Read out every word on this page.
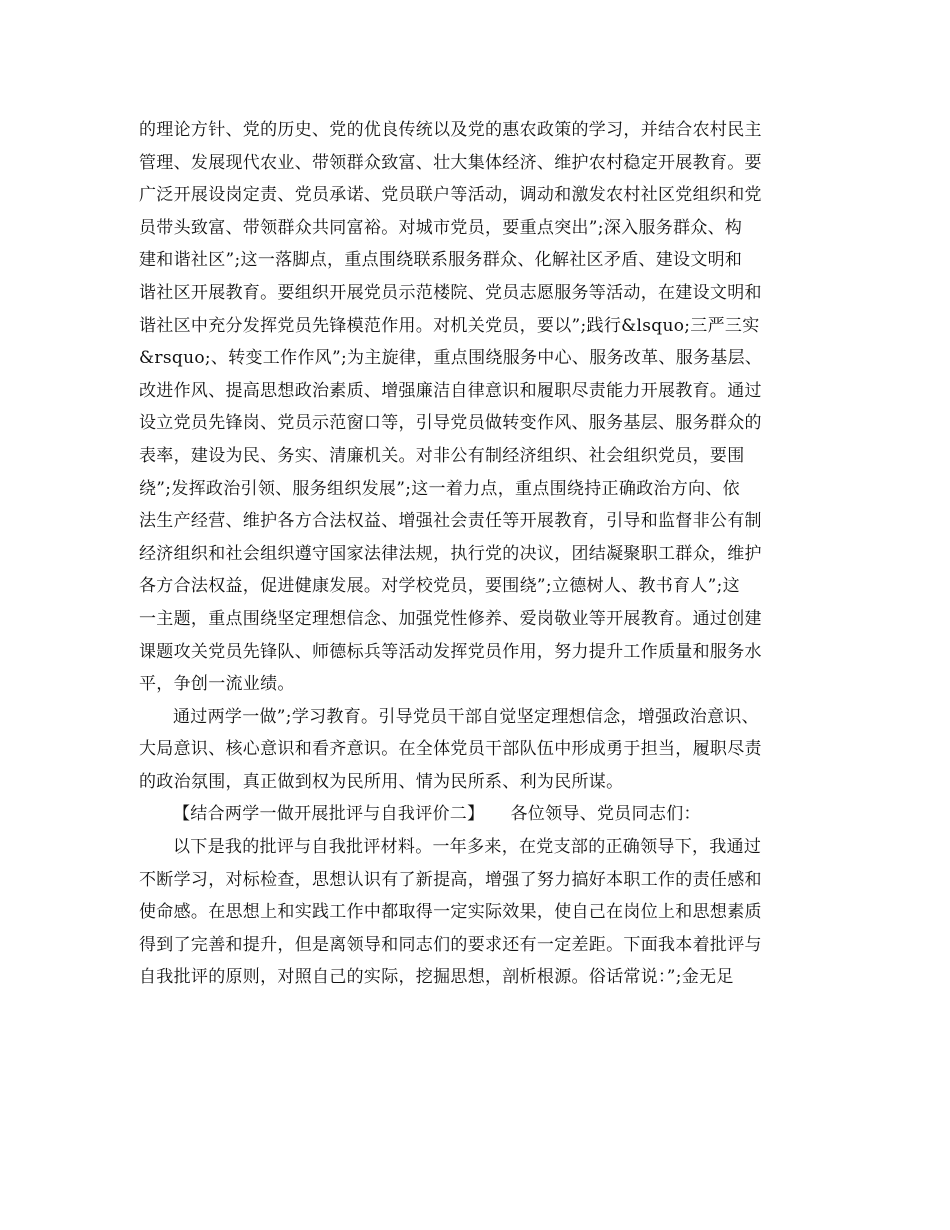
的理论方针、党的历史、党的优良传统以及党的惠农政策的学习，并结合农村民主
管理、发展现代农业、带领群众致富、壮大集体经济、维护农村稳定开展教育。要
广泛开展设岗定责、党员承诺、党员联户等活动，调动和激发农村社区党组织和党
员带头致富、带领群众共同富裕。对城市党员，要重点突出”;深入服务群众、构
建和谐社区”;这一落脚点，重点围绕联系服务群众、化解社区矛盾、建设文明和
谐社区开展教育。要组织开展党员示范楼院、党员志愿服务等活动，在建设文明和
谐社区中充分发挥党员先锋模范作用。对机关党员，要以”;践行&lsquo;三严三实
&rsquo;、转变工作作风”;为主旋律，重点围绕服务中心、服务改革、服务基层、
改进作风、提高思想政治素质、增强廉洁自律意识和履职尽责能力开展教育。通过
设立党员先锋岗、党员示范窗口等，引导党员做转变作风、服务基层、服务群众的
表率，建设为民、务实、清廉机关。对非公有制经济组织、社会组织党员，要围
绕”;发挥政治引领、服务组织发展”;这一着力点，重点围绕持正确政治方向、依
法生产经营、维护各方合法权益、增强社会责任等开展教育，引导和监督非公有制
经济组织和社会组织遵守国家法律法规，执行党的决议，团结凝聚职工群众，维护
各方合法权益，促进健康发展。对学校党员，要围绕”;立德树人、教书育人”;这
一主题，重点围绕坚定理想信念、加强党性修养、爱岗敬业等开展教育。通过创建
课题攻关党员先锋队、师德标兵等活动发挥党员作用，努力提升工作质量和服务水
平，争创一流业绩。
通过两学一做”;学习教育。引导党员干部自觉坚定理想信念，增强政治意识、
大局意识、核心意识和看齐意识。在全体党员干部队伍中形成勇于担当，履职尽责
的政治氛围，真正做到权为民所用、情为民所系、利为民所谋。
【结合两学一做开展批评与自我评价二】　　各位领导、党员同志们：
以下是我的批评与自我批评材料。一年多来，在党支部的正确领导下，我通过
不断学习，对标检查，思想认识有了新提高，增强了努力搞好本职工作的责任感和
使命感。在思想上和实践工作中都取得一定实际效果，使自己在岗位上和思想素质
得到了完善和提升，但是离领导和同志们的要求还有一定差距。下面我本着批评与
自我批评的原则，对照自己的实际，挖掘思想，剖析根源。俗话常说：”;金无足
